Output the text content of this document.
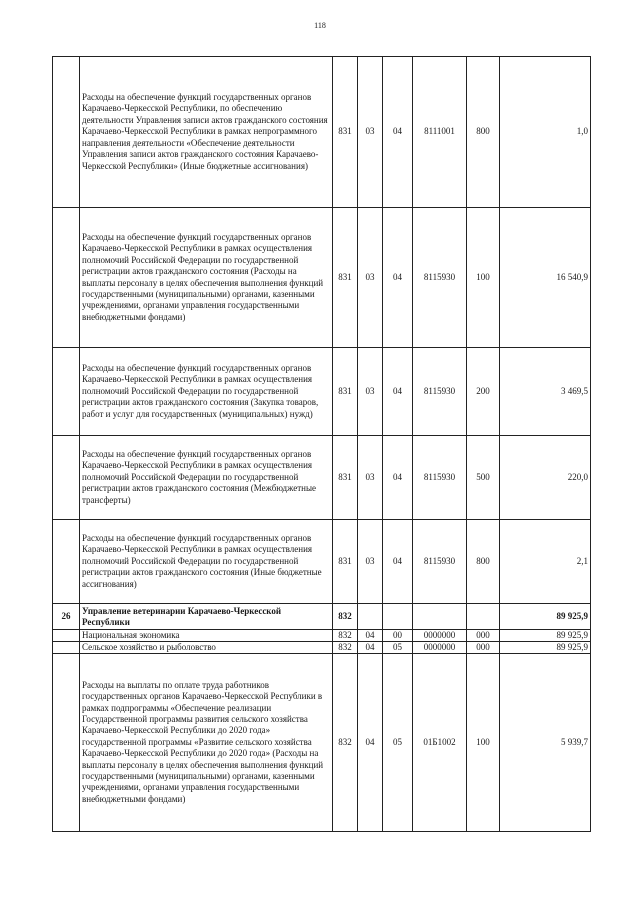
118
	Расходы на обеспечение функций государственных органов Карачаево-Черкесской Республики, по обеспечению деятельности Управления записи актов гражданского состояния Карачаево-Черкесской Республики в рамках непрограммного направления деятельности «Обеспечение деятельности Управления записи актов гражданского состояния Карачаево-Черкесской Республики» (Иные бюджетные ассигнования)	831	03	04	8111001	800	1,0
	Расходы на обеспечение функций государственных органов Карачаево-Черкесской Республики в рамках осуществления полномочий Российской Федерации по государственной регистрации актов гражданского состояния (Расходы на выплаты персоналу в целях обеспечения выполнения функций государственными (муниципальными) органами, казенными учреждениями, органами управления государственными внебюджетными фондами)	831	03	04	8115930	100	16 540,9
	Расходы на обеспечение функций государственных органов Карачаево-Черкесской Республики в рамках осуществления полномочий Российской Федерации по государственной регистрации актов гражданского состояния (Закупка товаров, работ и услуг для государственных (муниципальных) нужд)	831	03	04	8115930	200	3 469,5
	Расходы на обеспечение функций государственных органов Карачаево-Черкесской Республики в рамках осуществления полномочий Российской Федерации по государственной регистрации актов гражданского состояния (Межбюджетные трансферты)	831	03	04	8115930	500	220,0
	Расходы на обеспечение функций государственных органов Карачаево-Черкесской Республики в рамках осуществления полномочий Российской Федерации по государственной регистрации актов гражданского состояния (Иные бюджетные ассигнования)	831	03	04	8115930	800	2,1
26	Управление ветеринарии Карачаево-Черкесской Республики	832					89 925,9
	Национальная экономика	832	04	00	0000000	000	89 925,9
	Сельское хозяйство и рыболовство	832	04	05	0000000	000	89 925,9
	Расходы на выплаты по оплате труда работников государственных органов Карачаево-Черкесской Республики в рамках подпрограммы «Обеспечение реализации Государственной программы развития сельского хозяйства Карачаево-Черкесской Республики до 2020 года» государственной программы «Развитие сельского хозяйства Карачаево-Черкесской Республики до 2020 года» (Расходы на выплаты персоналу в целях обеспечения выполнения функций государственными (муниципальными) органами, казенными учреждениями, органами управления государственными внебюджетными фондами)	832	04	05	01Б1002	100	5 939,7
